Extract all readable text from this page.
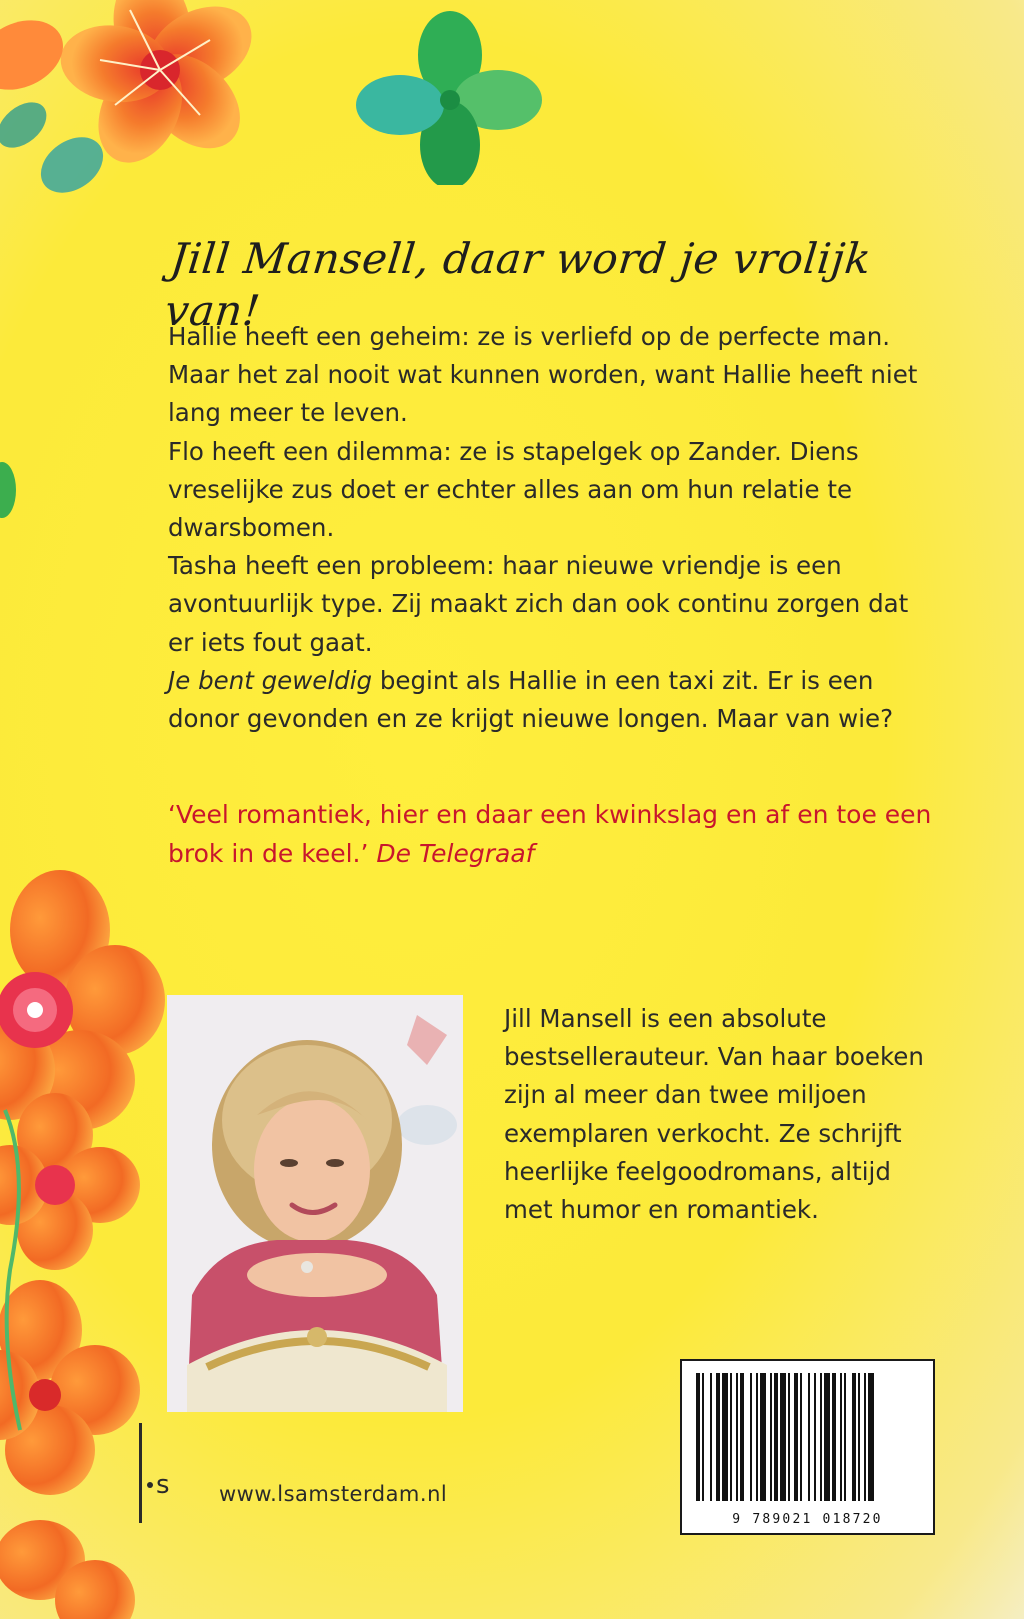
Jill Mansell, daar word je vrolijk van!

Hallie heeft een geheim: ze is verliefd op de perfecte man. Maar het zal nooit wat kunnen worden, want Hallie heeft niet lang meer te leven.

Flo heeft een dilemma: ze is stapelgek op Zander. Diens vreselijke zus doet er echter alles aan om hun relatie te dwarsbomen.

Tasha heeft een probleem: haar nieuwe vriendje is een avontuurlijk type. Zij maakt zich dan ook continu zorgen dat er iets fout gaat.

Je bent geweldig begint als Hallie in een taxi zit. Er is een donor gevonden en ze krijgt nieuwe longen. Maar van wie?

‘Veel romantiek, hier en daar een kwinkslag en af en toe een brok in de keel.’ De Telegraaf

Jill Mansell is een absolute bestsellerauteur. Van haar boeken zijn al meer dan twee miljoen exemplaren verkocht. Ze schrijft heerlijke feelgoodromans, altijd met humor en romantiek.

9 789021 018720
s www.lsamsterdam.nl
